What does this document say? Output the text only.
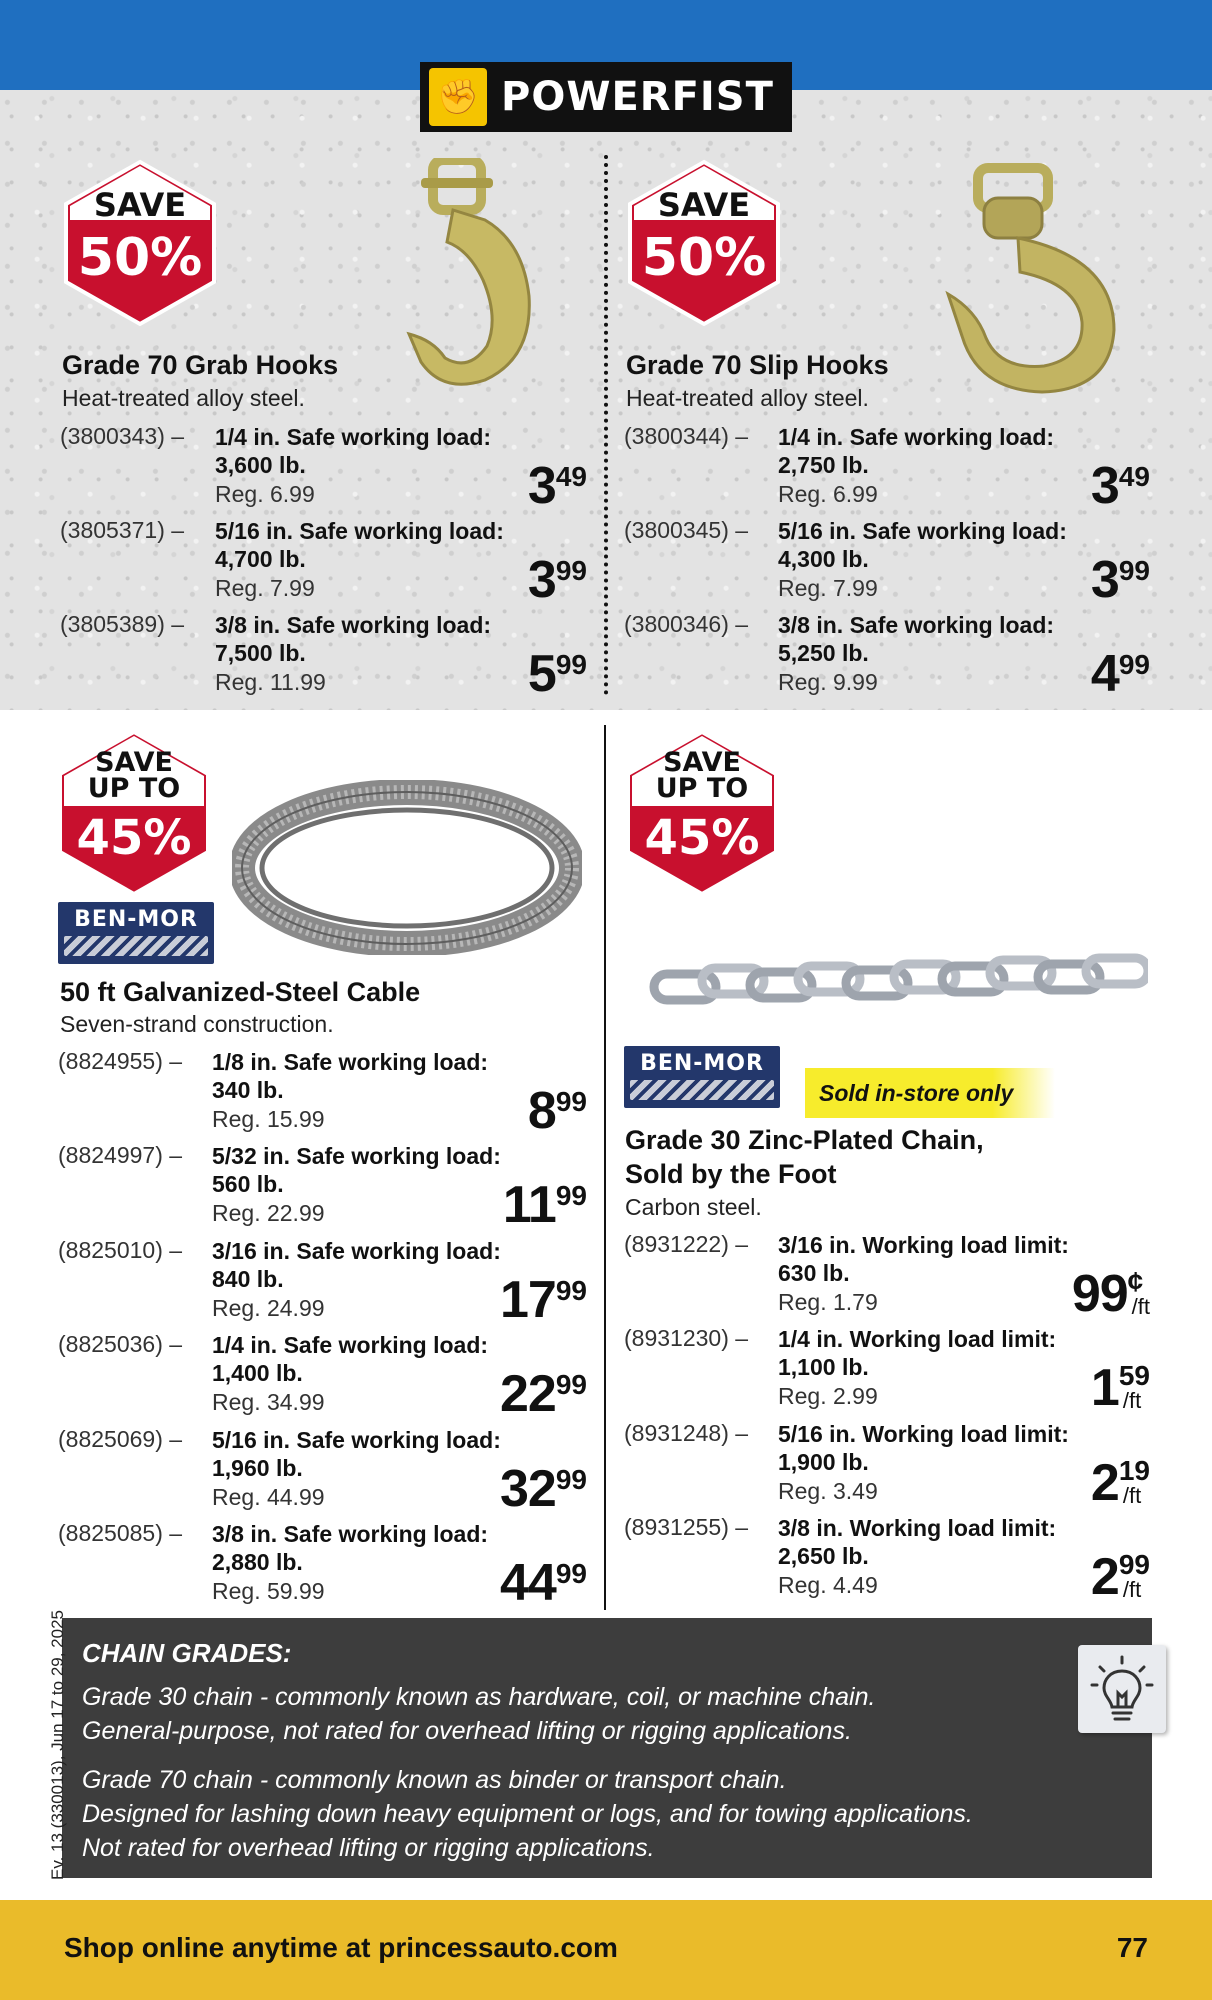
✊ POWERFIST
SAVE
50%
Grade 70 Grab Hooks
Heat-treated alloy steel.
(3800343) – 1/4 in. Safe working load:
3,600 lb.
Reg. 6.99	349
(3805371) – 5/16 in. Safe working load:
4,700 lb.
Reg. 7.99	399
(3805389) – 3/8 in. Safe working load:
7,500 lb.
Reg. 11.99	599
SAVE
50%
Grade 70 Slip Hooks
Heat-treated alloy steel.
(3800344) – 1/4 in. Safe working load:
2,750 lb.
Reg. 6.99	349
(3800345) – 5/16 in. Safe working load:
4,300 lb.
Reg. 7.99	399
(3800346) – 3/8 in. Safe working load:
5,250 lb.
Reg. 9.99	499
SAVE
UP TO
45%
BEN-MOR
50 ft Galvanized-Steel Cable
Seven-strand construction.
(8824955) – 1/8 in. Safe working load:
340 lb.
Reg. 15.99	899
(8824997) – 5/32 in. Safe working load:
560 lb.
Reg. 22.99	1199
(8825010) – 3/16 in. Safe working load:
840 lb.
Reg. 24.99	1799
(8825036) – 1/4 in. Safe working load:
1,400 lb.
Reg. 34.99	2299
(8825069) – 5/16 in. Safe working load:
1,960 lb.
Reg. 44.99	3299
(8825085) – 3/8 in. Safe working load:
2,880 lb.
Reg. 59.99	4499
SAVE
UP TO
45%
BEN-MOR
Sold in-store only
Grade 30 Zinc-Plated Chain,
Sold by the Foot
Carbon steel.
(8931222) – 3/16 in. Working load limit:
630 lb.
Reg. 1.79	99 ¢
/ft
(8931230) – 1/4 in. Working load limit:
1,100 lb.
Reg. 2.99	1 59
/ft
(8931248) – 5/16 in. Working load limit:
1,900 lb.
Reg. 3.49	2 19
/ft
(8931255) – 3/8 in. Working load limit:
2,650 lb.
Reg. 4.49	2 99
/ft
CHAIN GRADES:
Grade 30 chain - commonly known as hardware, coil, or machine chain.
General-purpose, not rated for overhead lifting or rigging applications.
Grade 70 chain - commonly known as binder or transport chain.
Designed for lashing down heavy equipment or logs, and for towing applications.
Not rated for overhead lifting or rigging applications.
Ev. 13 (330013), Jun 17 to 29, 2025
Shop online anytime at princessauto.com	77
